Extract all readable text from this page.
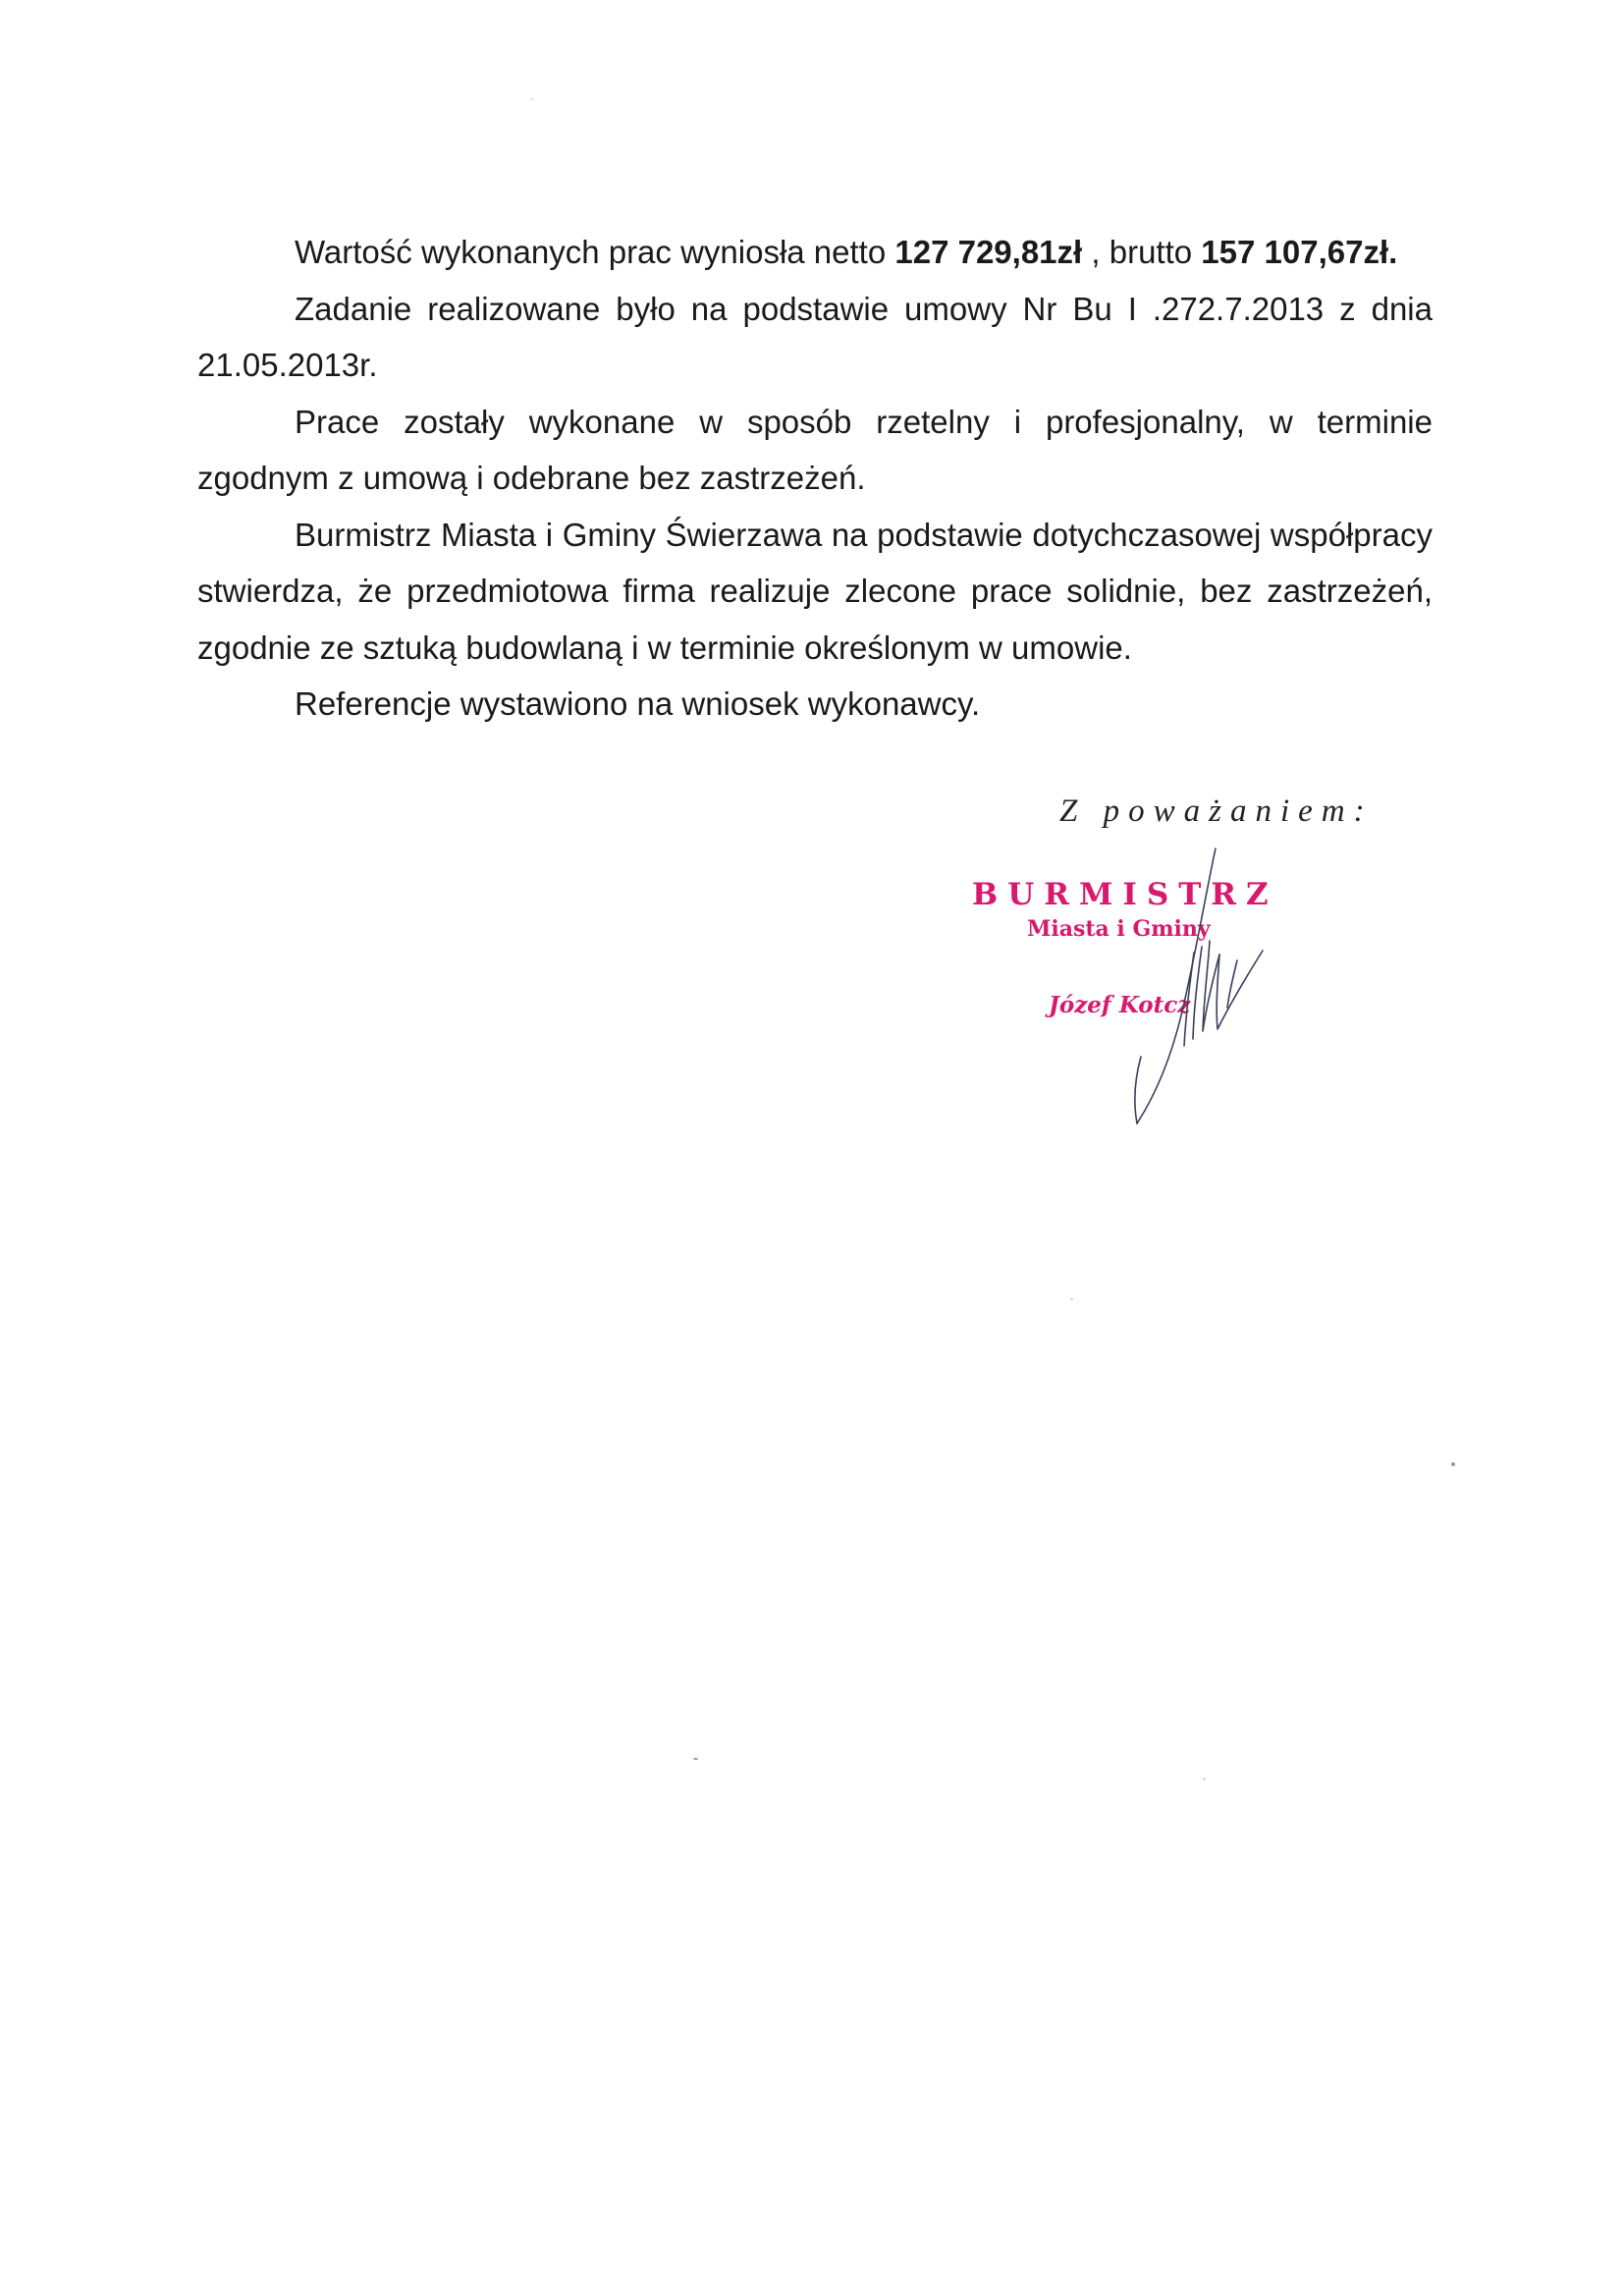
Wartość wykonanych prac wyniosła netto 127 729,81zł , brutto 157 107,67zł.

Zadanie realizowane było na podstawie umowy Nr Bu I .272.7.2013 z dnia 21.05.2013r.

Prace zostały wykonane w sposób rzetelny i profesjonalny, w terminie zgodnym z umową i odebrane bez zastrzeżeń.

Burmistrz Miasta i Gminy Świerzawa na podstawie dotychczasowej współpracy stwierdza, że przedmiotowa firma realizuje zlecone prace solidnie, bez zastrzeżeń, zgodnie ze sztuką budowlaną i w terminie określonym w umowie.

Referencje wystawiono na wniosek wykonawcy.

Z poważaniem:
BURMISTRZ
Miasta i Gminy
Józef Kotcz
